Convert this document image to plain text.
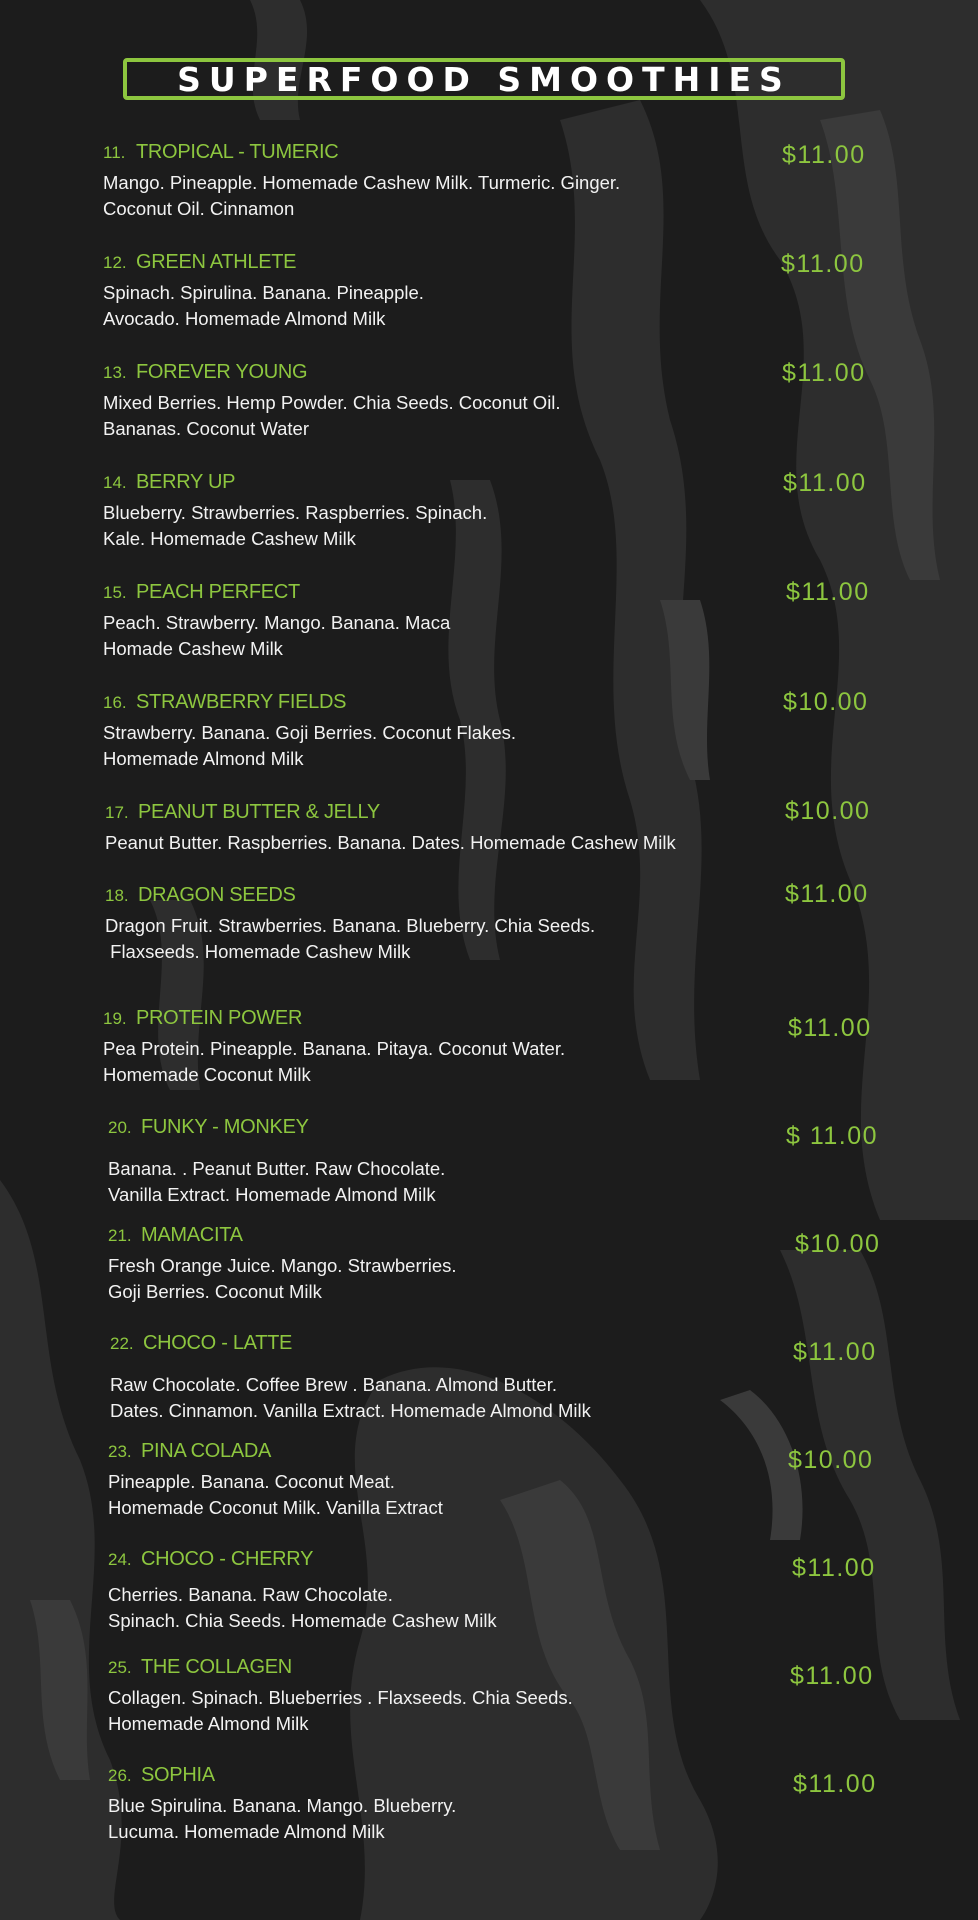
SUPERFOOD SMOOTHIES
11. TROPICAL - TUMERIC
Mango. Pineapple. Homemade Cashew Milk. Turmeric. Ginger.
Coconut Oil. Cinnamon
$11.00
12. GREEN ATHLETE
Spinach. Spirulina. Banana. Pineapple.
Avocado. Homemade Almond Milk
$11.00
13. FOREVER YOUNG
Mixed Berries. Hemp Powder. Chia Seeds. Coconut Oil.
Bananas. Coconut Water
$11.00
14. BERRY UP
Blueberry. Strawberries. Raspberries. Spinach.
Kale. Homemade Cashew Milk
$11.00
15. PEACH PERFECT
Peach. Strawberry. Mango. Banana. Maca
Homade Cashew Milk
$11.00
16. STRAWBERRY FIELDS
Strawberry. Banana. Goji Berries. Coconut Flakes.
Homemade Almond Milk
$10.00
17. PEANUT BUTTER & JELLY
Peanut Butter. Raspberries. Banana. Dates. Homemade Cashew Milk
$10.00
18. DRAGON SEEDS
Dragon Fruit. Strawberries. Banana. Blueberry. Chia Seeds.
Flaxseeds. Homemade Cashew Milk
$11.00
19. PROTEIN POWER
Pea Protein. Pineapple. Banana. Pitaya. Coconut Water.
Homemade Coconut Milk
$11.00
20. FUNKY - MONKEY
Banana. . Peanut Butter. Raw Chocolate.
Vanilla Extract. Homemade Almond Milk
$ 11.00
21. MAMACITA
Fresh Orange Juice. Mango. Strawberries.
Goji Berries. Coconut Milk
$10.00
22. CHOCO - LATTE
Raw Chocolate. Coffee Brew . Banana. Almond Butter.
Dates. Cinnamon. Vanilla Extract. Homemade Almond Milk
$11.00
23. PINA COLADA
Pineapple. Banana. Coconut Meat.
Homemade Coconut Milk. Vanilla Extract
$10.00
24. CHOCO - CHERRY
Cherries. Banana. Raw Chocolate.
Spinach. Chia Seeds. Homemade Cashew Milk
$11.00
25. THE COLLAGEN
Collagen. Spinach. Blueberries . Flaxseeds. Chia Seeds.
Homemade Almond Milk
$11.00
26. SOPHIA
Blue Spirulina. Banana. Mango. Blueberry.
Lucuma. Homemade Almond Milk
$11.00
